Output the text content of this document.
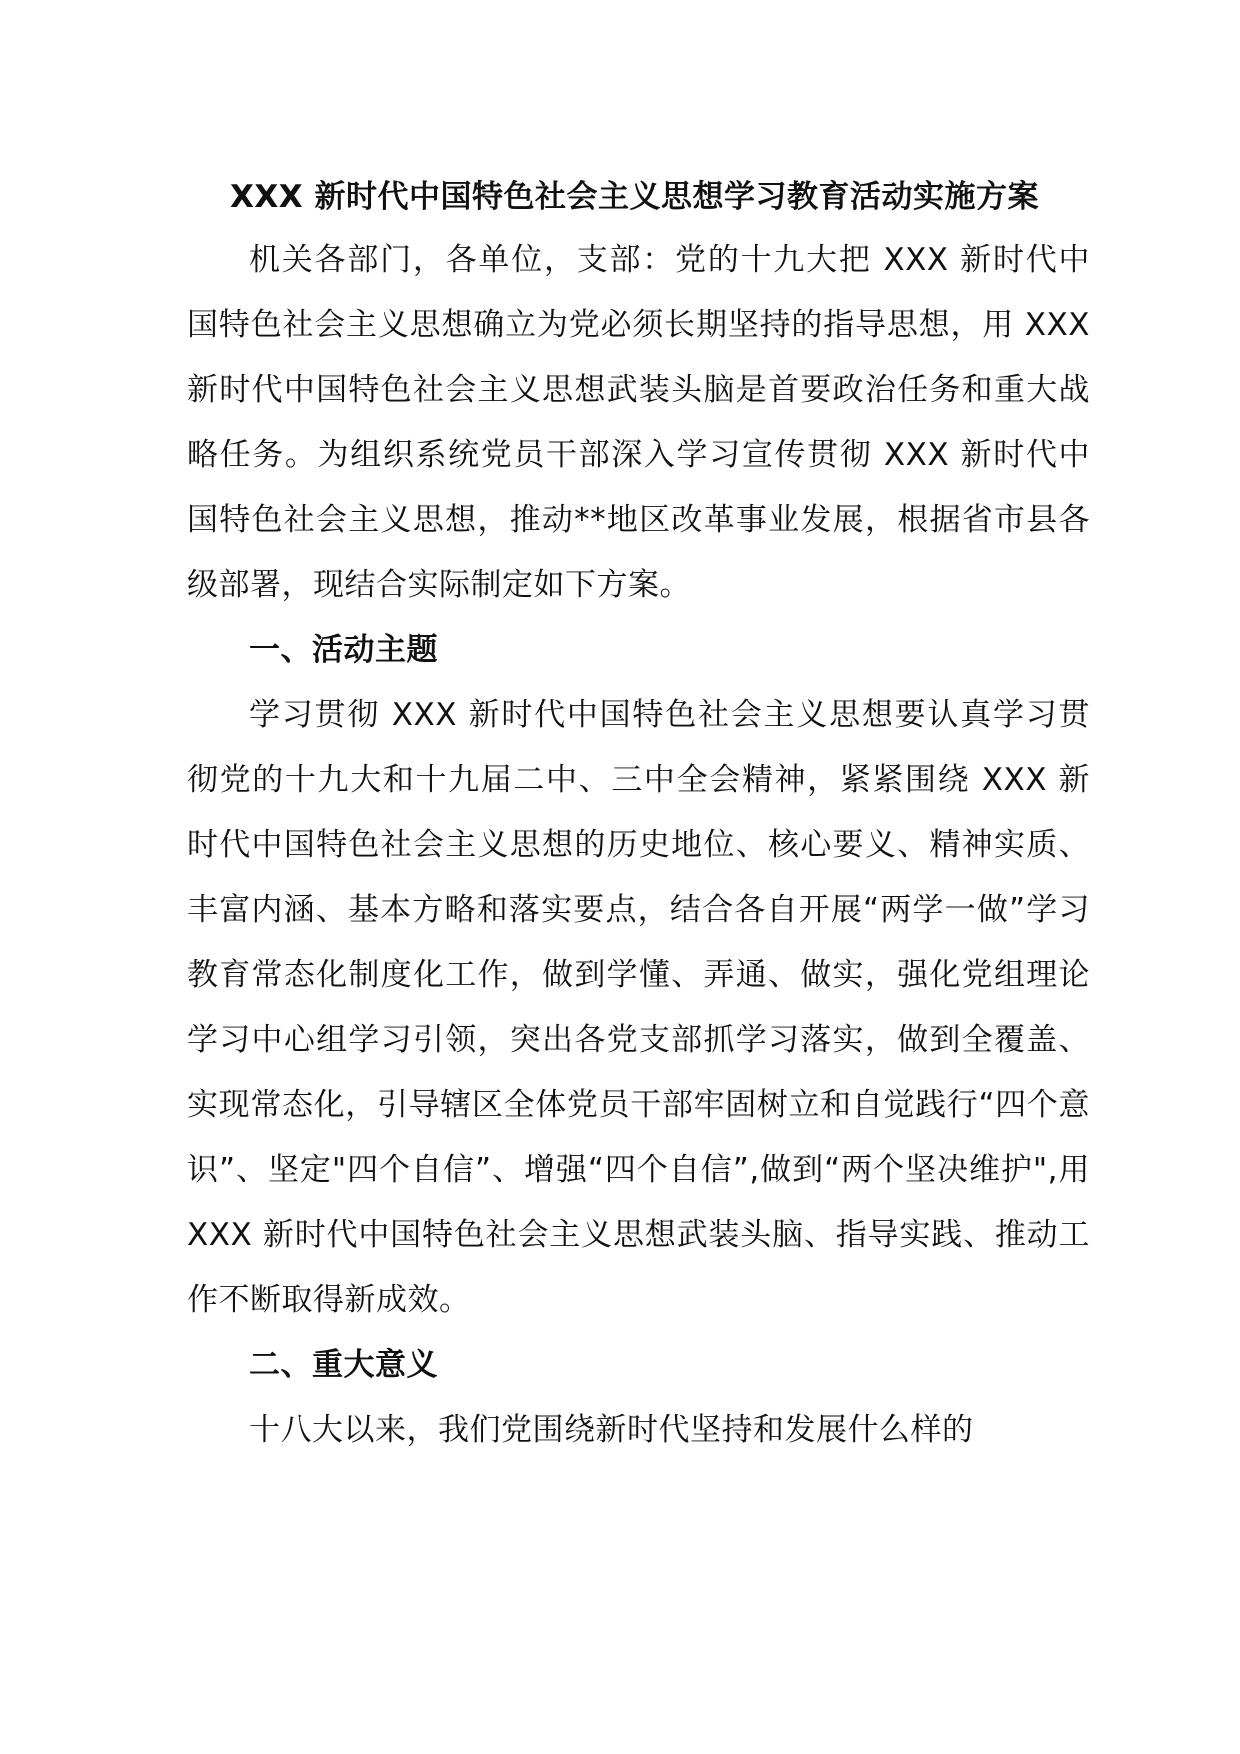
XXX 新时代中国特色社会主义思想学习教育活动实施方案

机关各部门，各单位，支部：党的十九大把 XXX 新时代中国特色社会主义思想确立为党必须长期坚持的指导思想，用 XXX 新时代中国特色社会主义思想武装头脑是首要政治任务和重大战略任务。为组织系统党员干部深入学习宣传贯彻 XXX 新时代中国特色社会主义思想，推动**地区改革事业发展，根据省市县各级部署，现结合实际制定如下方案。

一、活动主题

学习贯彻 XXX 新时代中国特色社会主义思想要认真学习贯彻党的十九大和十九届二中、三中全会精神，紧紧围绕 XXX 新时代中国特色社会主义思想的历史地位、核心要义、精神实质、丰富内涵、基本方略和落实要点，结合各自开展“两学一做”学习教育常态化制度化工作，做到学懂、弄通、做实，强化党组理论学习中心组学习引领，突出各党支部抓学习落实，做到全覆盖、实现常态化，引导辖区全体党员干部牢固树立和自觉践行“四个意识”、坚定"四个自信”、增强“四个自信”,做到“两个坚决维护",用 XXX 新时代中国特色社会主义思想武装头脑、指导实践、推动工作不断取得新成效。

二、重大意义

十八大以来，我们党围绕新时代坚持和发展什么样的
